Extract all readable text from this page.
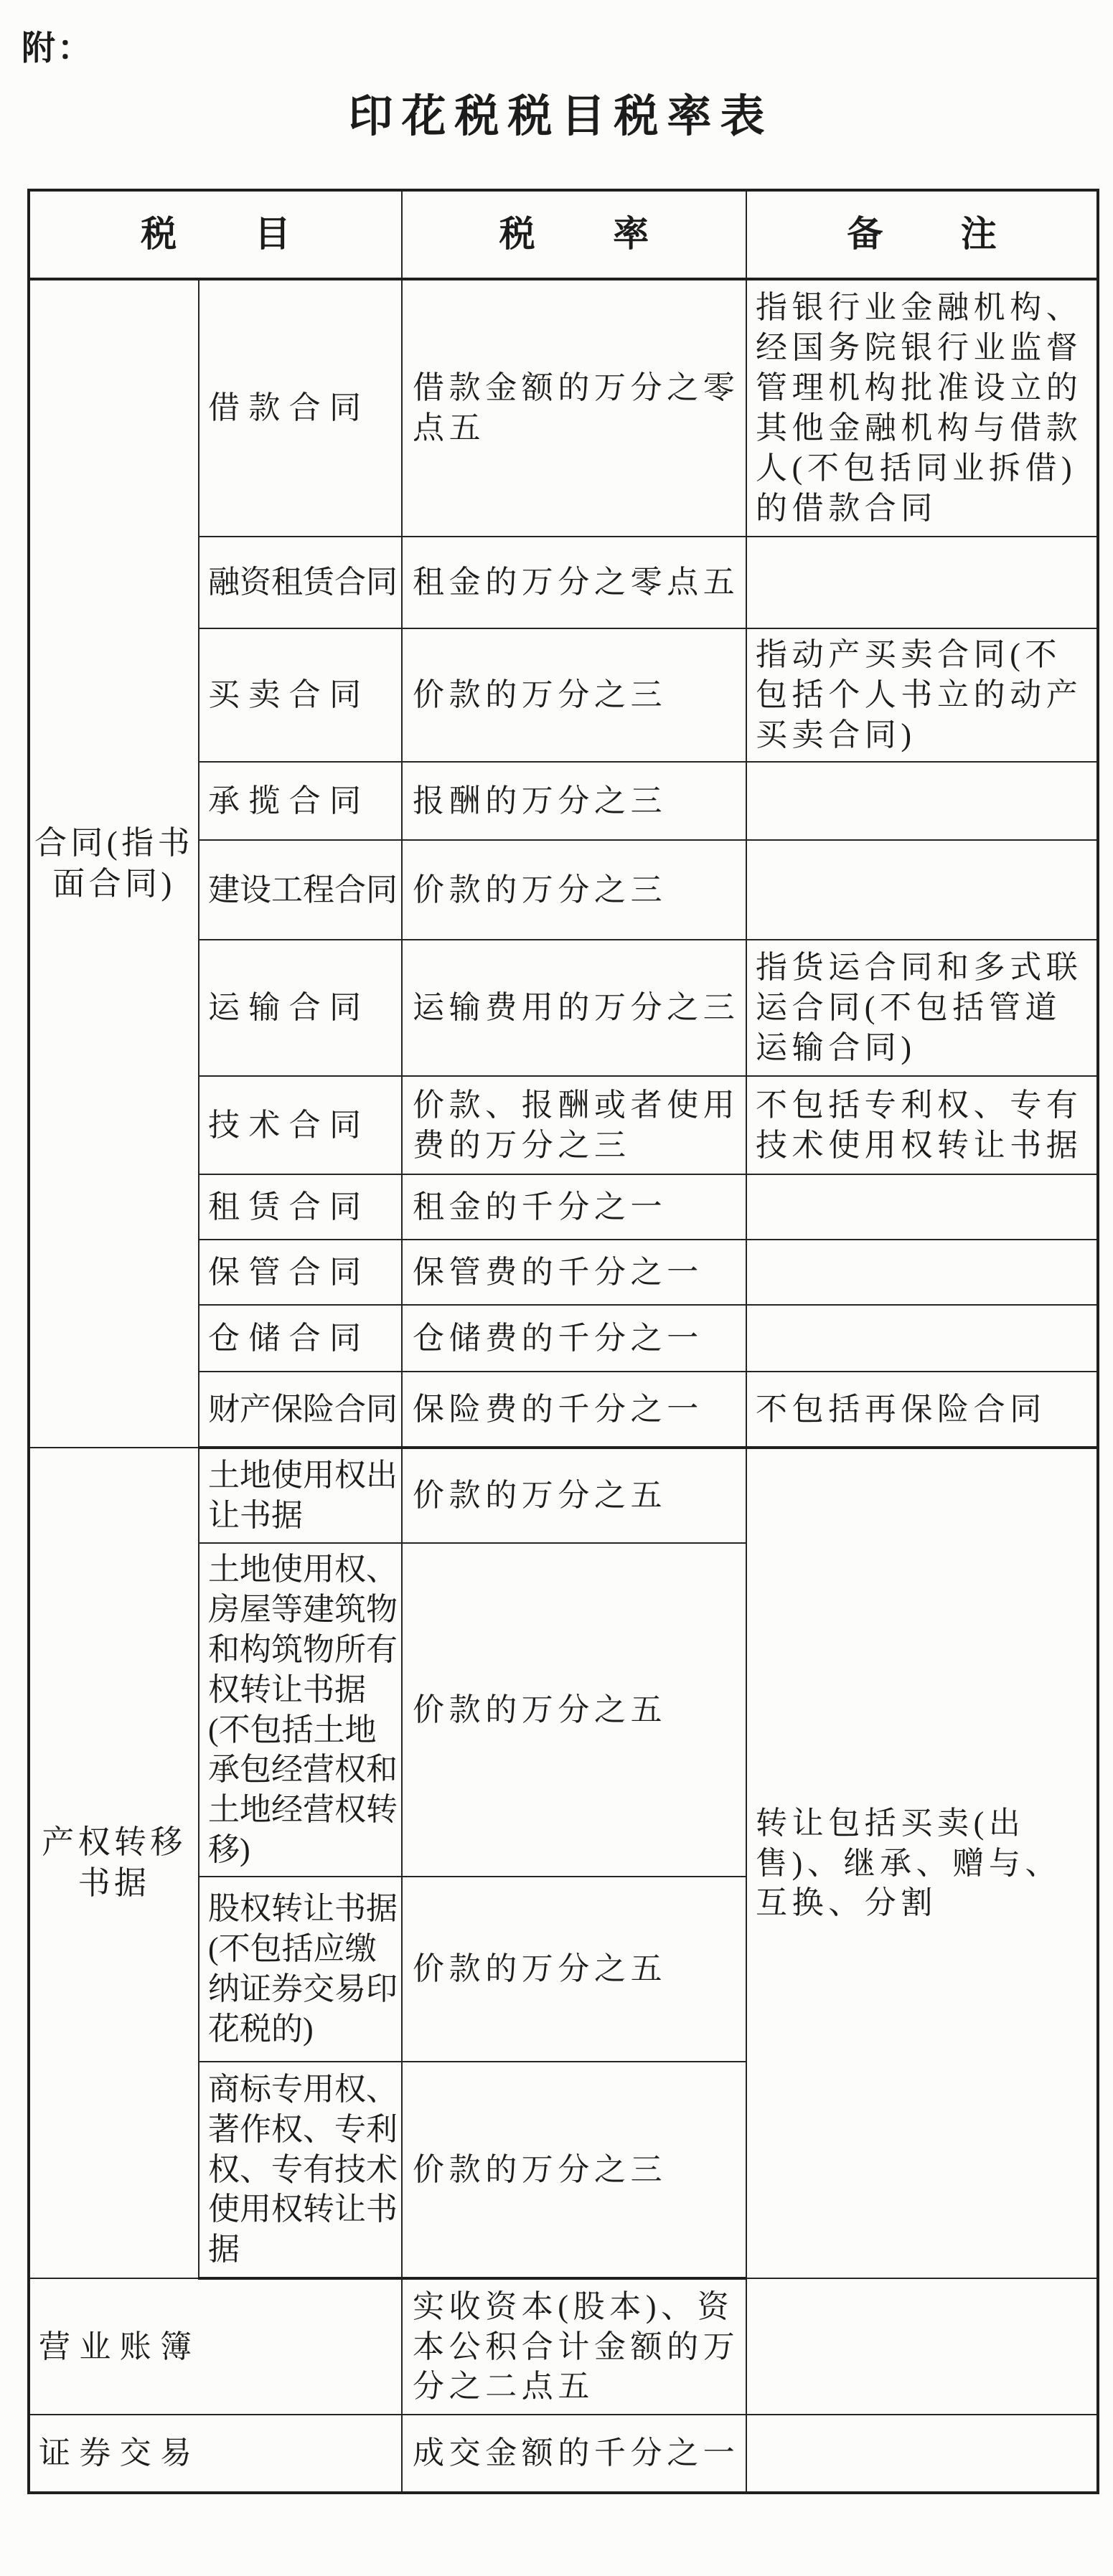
附：
印花税税目税率表
税 目		税 率	备 注
合同(指书面合同)	借款合同	借款金额的万分之零点五	指银行业金融机构、经国务院银行业监督管理机构批准设立的其他金融机构与借款人(不包括同业拆借)的借款合同
	融资租赁合同	租金的万分之零点五	
	买卖合同	价款的万分之三	指动产买卖合同(不包括个人书立的动产买卖合同)
	承揽合同	报酬的万分之三	
	建设工程合同	价款的万分之三	
	运输合同	运输费用的万分之三	指货运合同和多式联运合同(不包括管道运输合同)
	技术合同	价款、报酬或者使用费的万分之三	不包括专利权、专有技术使用权转让书据
	租赁合同	租金的千分之一	
	保管合同	保管费的千分之一	
	仓储合同	仓储费的千分之一	
	财产保险合同	保险费的千分之一	不包括再保险合同
产权转移书据	土地使用权出让书据	价款的万分之五	转让包括买卖(出售)、继承、赠与、互换、分割
	土地使用权、房屋等建筑物和构筑物所有权转让书据(不包括土地承包经营权和土地经营权转移)	价款的万分之五	
	股权转让书据(不包括应缴纳证券交易印花税的)	价款的万分之五	
	商标专用权、著作权、专利权、专有技术使用权转让书据	价款的万分之三	
营业账簿		实收资本(股本)、资本公积合计金额的万分之二点五	
证券交易		成交金额的千分之一	
